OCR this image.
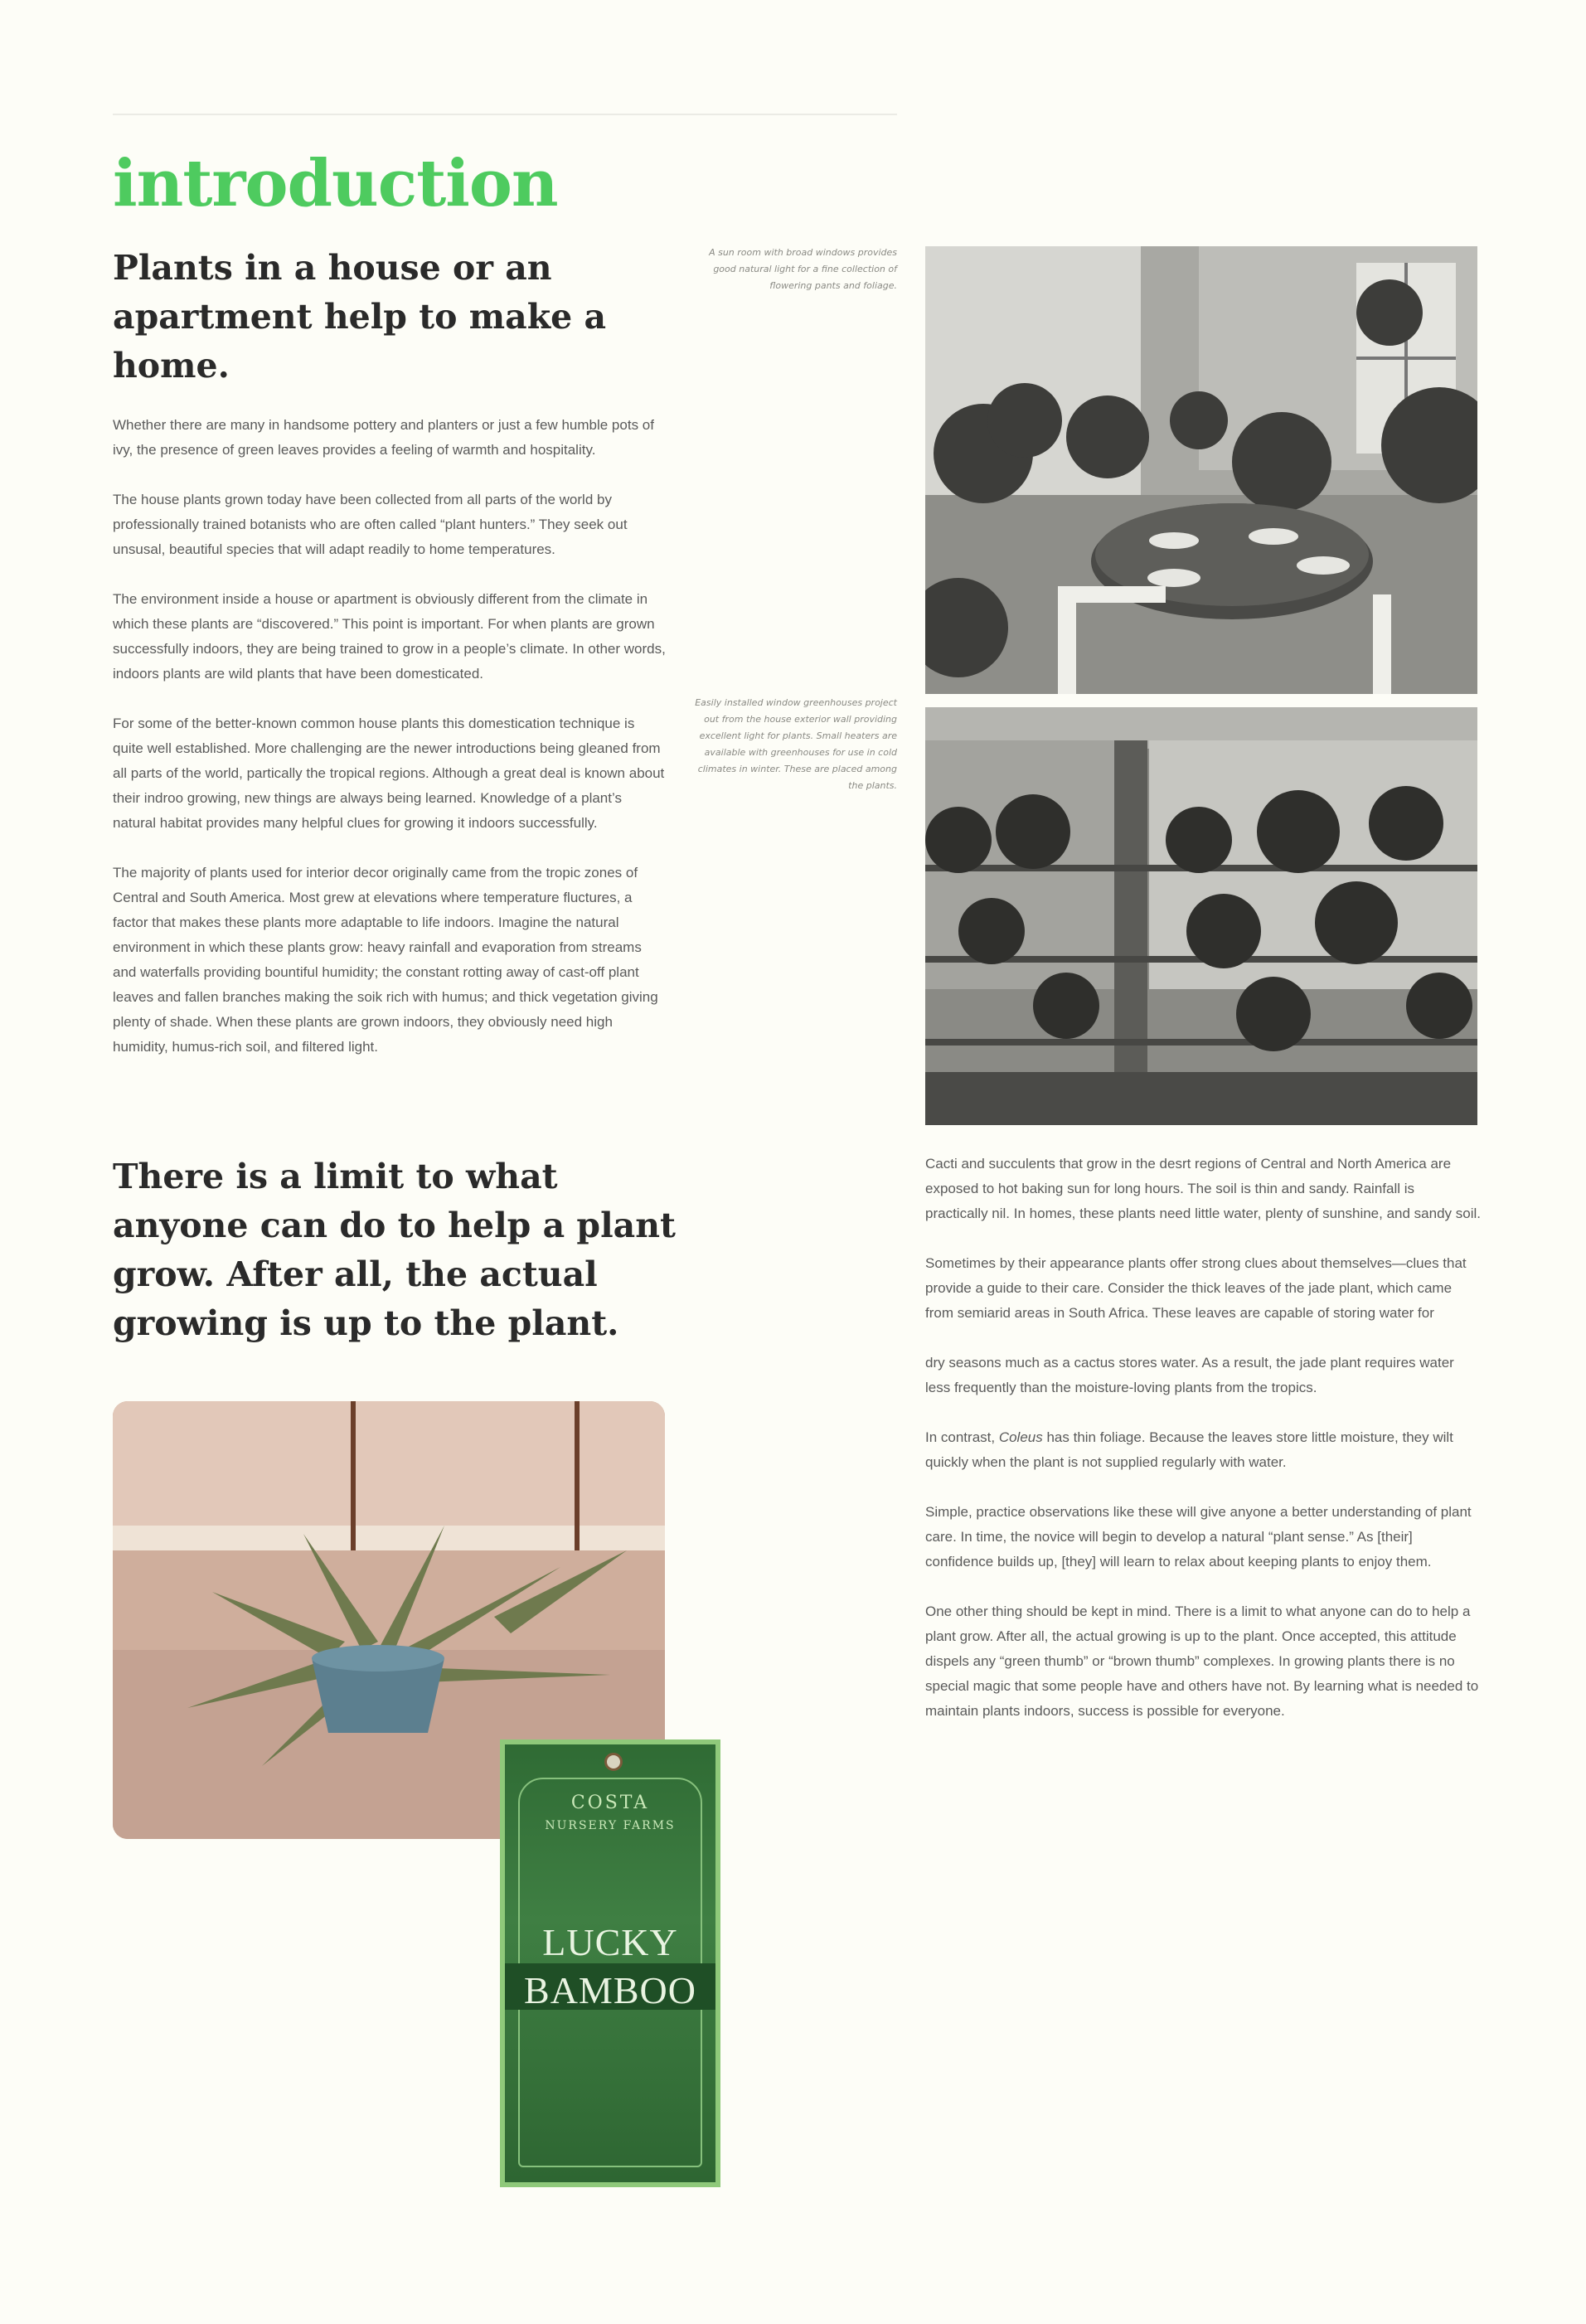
introduction
Plants in a house or an apartment help to make a home.

Whether there are many in handsome pottery and planters or just a few humble pots of ivy, the presence of green leaves provides a feeling of warmth and hospitality.

The house plants grown today have been collected from all parts of the world by professionally trained botanists who are often called “plant hunters.” They seek out unsusal, beautiful species that will adapt readily to home temperatures.

The environment inside a house or apartment is obviously different from the climate in which these plants are “discovered.” This point is important. For when plants are grown successfully indoors, they are being trained to grow in a people’s climate. In other words, indoors plants are wild plants that have been domesticated.

For some of the better-known common house plants this domestication technique is quite well established. More challenging are the newer introductions being gleaned from all parts of the world, partically the tropical regions. Although a great deal is known about their indroo growing, new things are always being learned. Knowledge of a plant’s natural habitat provides many helpful clues for growing it indoors successfully.

The majority of plants used for interior decor originally came from the tropic zones of Central and South America. Most grew at elevations where temperature fluctures, a factor that makes these plants more adaptable to life indoors. Imagine the natural environment in which these plants grow: heavy rainfall and evaporation from streams and waterfalls providing bountiful humidity; the constant rotting away of cast-off plant leaves and fallen branches making the soik rich with humus; and thick vegetation giving plenty of shade. When these plants are grown indoors, they obviously need high humidity, humus-rich soil, and filtered light.

A sun room with broad windows provides good natural light for a fine collection of flowering pants and foliage.
Easily installed window greenhouses project out from the house exterior wall providing excellent light for plants. Small heaters are available with greenhouses for use in cold climates in winter. These are placed among the plants.
There is a limit to what anyone can do to help a plant grow. After all, the actual growing is up to the plant.
COSTA
NURSERY FARMS
LUCKY
BAMBOO

Cacti and succulents that grow in the desrt regions of Central and North America are exposed to hot baking sun for long hours. The soil is thin and sandy. Rainfall is practically nil. In homes, these plants need little water, plenty of sunshine, and sandy soil.

Sometimes by their appearance plants offer strong clues about themselves—clues that provide a guide to their care. Consider the thick leaves of the jade plant, which came from semiarid areas in South Africa. These leaves are capable of storing water for

dry seasons much as a cactus stores water. As a result, the jade plant requires water less frequently than the moisture-loving plants from the tropics.

In contrast, Coleus has thin foliage. Because the leaves store little moisture, they wilt quickly when the plant is not supplied regularly with water.

Simple, practice observations like these will give anyone a better understanding of plant care. In time, the novice will begin to develop a natural “plant sense.” As [their] confidence builds up, [they] will learn to relax about keeping plants to enjoy them.

One other thing should be kept in mind. There is a limit to what anyone can do to help a plant grow. After all, the actual growing is up to the plant. Once accepted, this attitude dispels any “green thumb” or “brown thumb” complexes. In growing plants there is no special magic that some people have and others have not. By learning what is needed to maintain plants indoors, success is possible for everyone.
